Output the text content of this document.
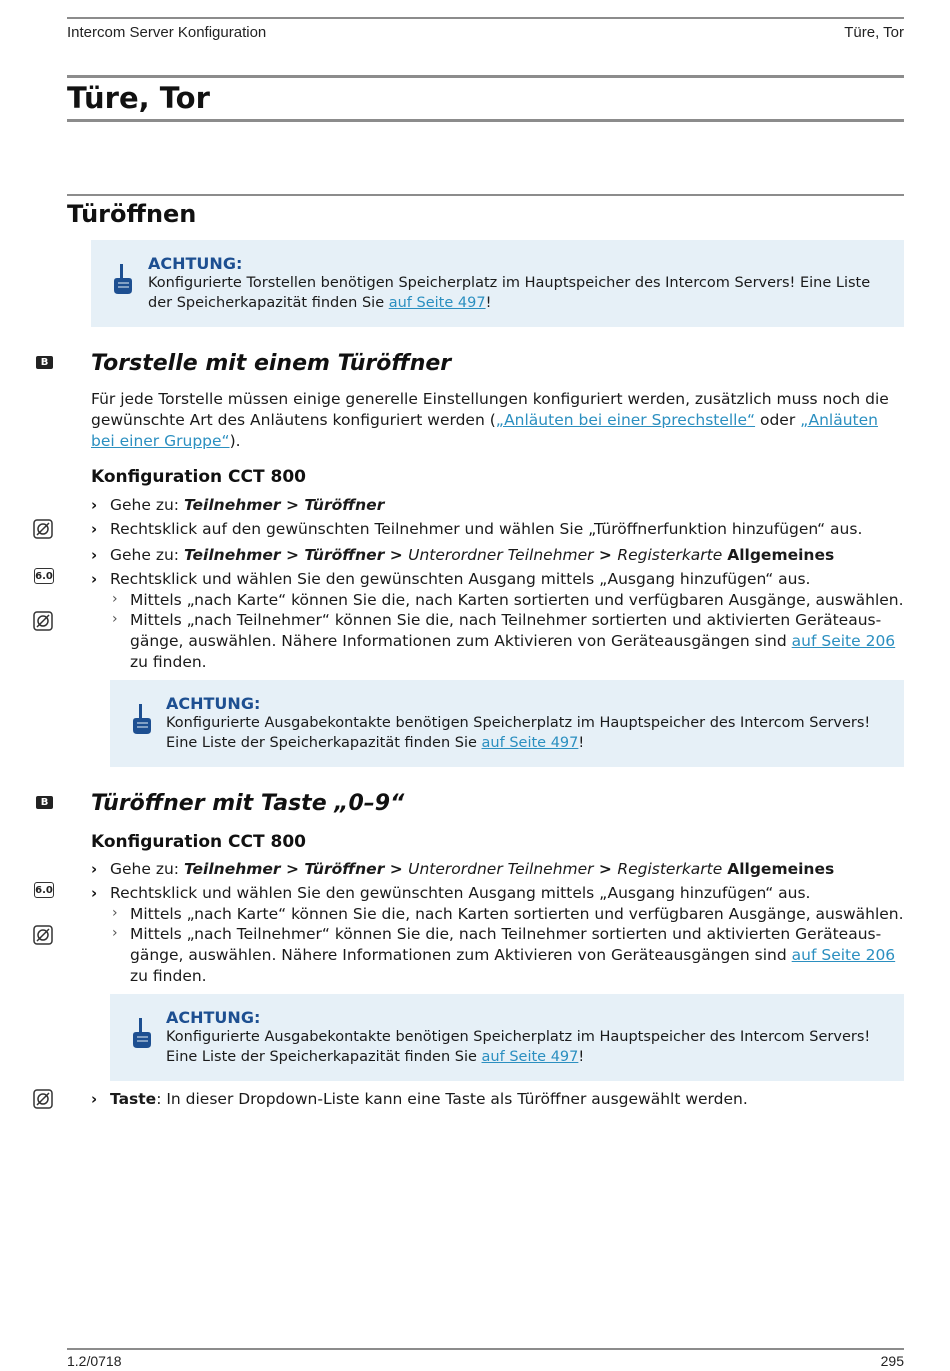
Intercom Server Konfiguration	Türe, Tor
Türe, Tor
Türöffnen
ACHTUNG:
Konfigurierte Torstellen benötigen Speicherplatz im Hauptspeicher des Intercom Servers! Eine Liste
der Speicherkapazität finden Sie auf Seite 497!
B Torstelle mit einem Türöffner
Für jede Torstelle müssen einige generelle Einstellungen konfiguriert werden, zusätzlich muss noch die
gewünschte Art des Anläutens konfiguriert werden („Anläuten bei einer Sprechstelle“ oder „Anläuten
bei einer Gruppe“).
Konfiguration CCT 800
› Gehe zu: Teilnehmer > Türöffner
› Rechtsklick auf den gewünschten Teilnehmer und wählen Sie „Türöffnerfunktion hinzufügen“ aus.
› Gehe zu: Teilnehmer > Türöffner > Unterordner Teilnehmer > Registerkarte Allgemeines
6.0	› Rechtsklick und wählen Sie den gewünschten Ausgang mittels „Ausgang hinzufügen“ aus.
› Mittels „nach Karte“ können Sie die, nach Karten sortierten und verfügbaren Ausgänge, auswählen.
› Mittels „nach Teilnehmer“ können Sie die, nach Teilnehmer sortierten und aktivierten Geräteaus-
gänge, auswählen. Nähere Informationen zum Aktivieren von Geräteausgängen sind auf Seite 206
zu finden.
ACHTUNG:
Konfigurierte Ausgabekontakte benötigen Speicherplatz im Hauptspeicher des Intercom Servers!
Eine Liste der Speicherkapazität finden Sie auf Seite 497!
B Türöffner mit Taste „0–9“
Konfiguration CCT 800
› Gehe zu: Teilnehmer > Türöffner > Unterordner Teilnehmer > Registerkarte Allgemeines
6.0	› Rechtsklick und wählen Sie den gewünschten Ausgang mittels „Ausgang hinzufügen“ aus.
› Mittels „nach Karte“ können Sie die, nach Karten sortierten und verfügbaren Ausgänge, auswählen.
› Mittels „nach Teilnehmer“ können Sie die, nach Teilnehmer sortierten und aktivierten Geräteaus-
gänge, auswählen. Nähere Informationen zum Aktivieren von Geräteausgängen sind auf Seite 206
zu finden.
ACHTUNG:
Konfigurierte Ausgabekontakte benötigen Speicherplatz im Hauptspeicher des Intercom Servers!
Eine Liste der Speicherkapazität finden Sie auf Seite 497!
› Taste: In dieser Dropdown-Liste kann eine Taste als Türöffner ausgewählt werden.
1.2/0718	295
